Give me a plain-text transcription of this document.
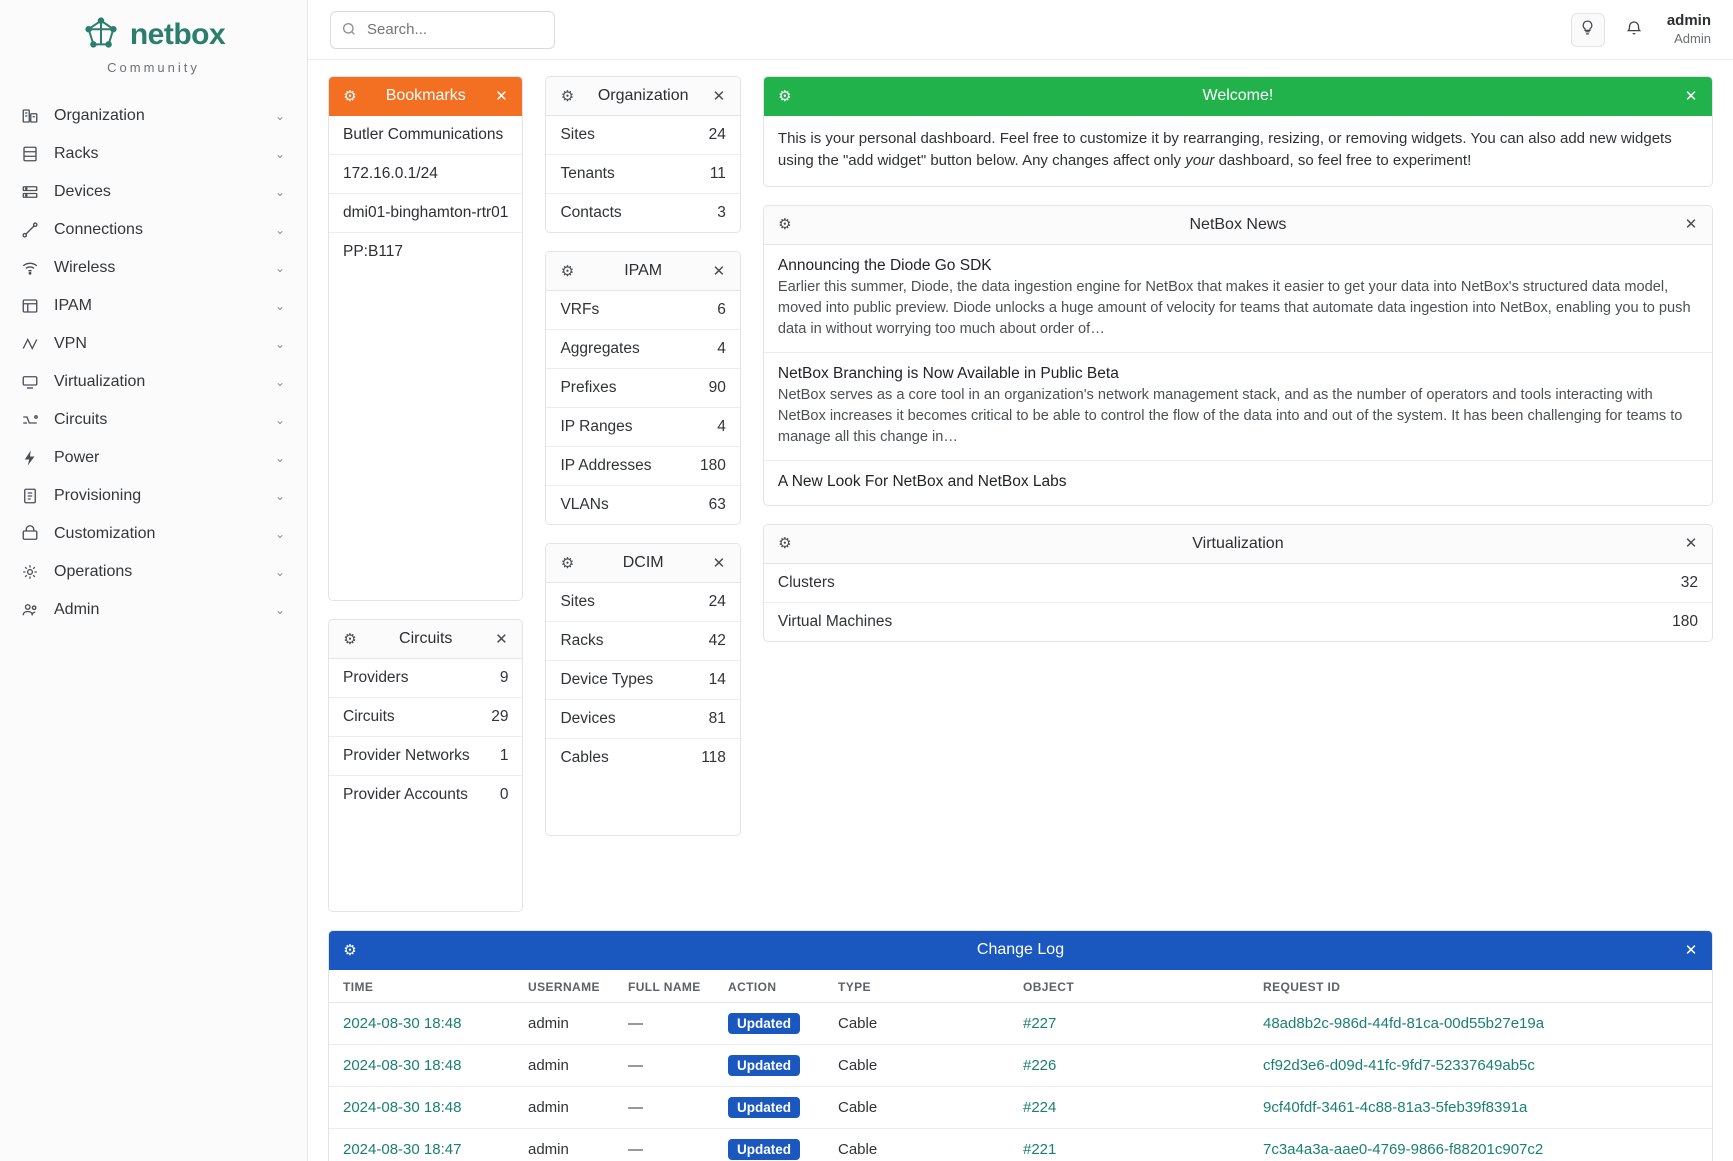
netbox
Community
Organization	⌄
Racks	⌄
Devices	⌄
Connections	⌄
Wireless	⌄
IPAM	⌄
VPN	⌄
Virtualization	⌄
Circuits	⌄
Power	⌄
Provisioning	⌄
Customization	⌄
Operations	⌄
Admin	⌄
Search...
admin
Admin
⚙	Bookmarks	✕
Butler Communications
172.16.0.1/24
dmi01-binghamton-rtr01
PP:B117
⚙	Circuits	✕
Providers	9
Circuits	29
Provider Networks 1
Provider Accounts 0
⚙	Organization	✕
Sites	24
Tenants	11
Contacts	3
⚙	IPAM	✕
VRFs	6
Aggregates	4
Prefixes	90
IP Ranges	4
IP Addresses	180
VLANs	63
⚙	DCIM	✕
Sites	24
Racks	42
Device Types	14
Devices	81
Cables	118
⚙	Welcome!	✕
This is your personal dashboard. Feel free to customize it by rearranging, resizing, or removing widgets. You can also add new widgets using the "add widget" button below. Any changes affect only your dashboard, so feel free to experiment!
⚙	NetBox News	✕
Announcing the Diode Go SDK
Earlier this summer, Diode, the data ingestion engine for NetBox that makes it easier to get your data into NetBox's structured data model, moved into public preview. Diode unlocks a huge amount of velocity for teams that automate data ingestion into NetBox, enabling you to push data in without worrying too much about order of…
NetBox Branching is Now Available in Public Beta
NetBox serves as a core tool in an organization's network management stack, and as the number of operators and tools interacting with NetBox increases it becomes critical to be able to control the flow of the data into and out of the system. It has been challenging for teams to manage all this change in…
A New Look For NetBox and NetBox Labs
⚙	Virtualization	✕
Clusters	32
Virtual Machines	180
⚙	Change Log	✕
TIME	USERNAME	FULL NAME	ACTION	TYPE	OBJECT	REQUEST ID
2024-08-30 18:48	admin	—	Updated	Cable	#227	48ad8b2c-986d-44fd-81ca-00d55b27e19a
2024-08-30 18:48	admin	—	Updated	Cable	#226	cf92d3e6-d09d-41fc-9fd7-52337649ab5c
2024-08-30 18:48	admin	—	Updated	Cable	#224	9cf40fdf-3461-4c88-81a3-5feb39f8391a
2024-08-30 18:47	admin	—	Updated	Cable	#221	7c3a4a3a-aae0-4769-9866-f88201c907c2
